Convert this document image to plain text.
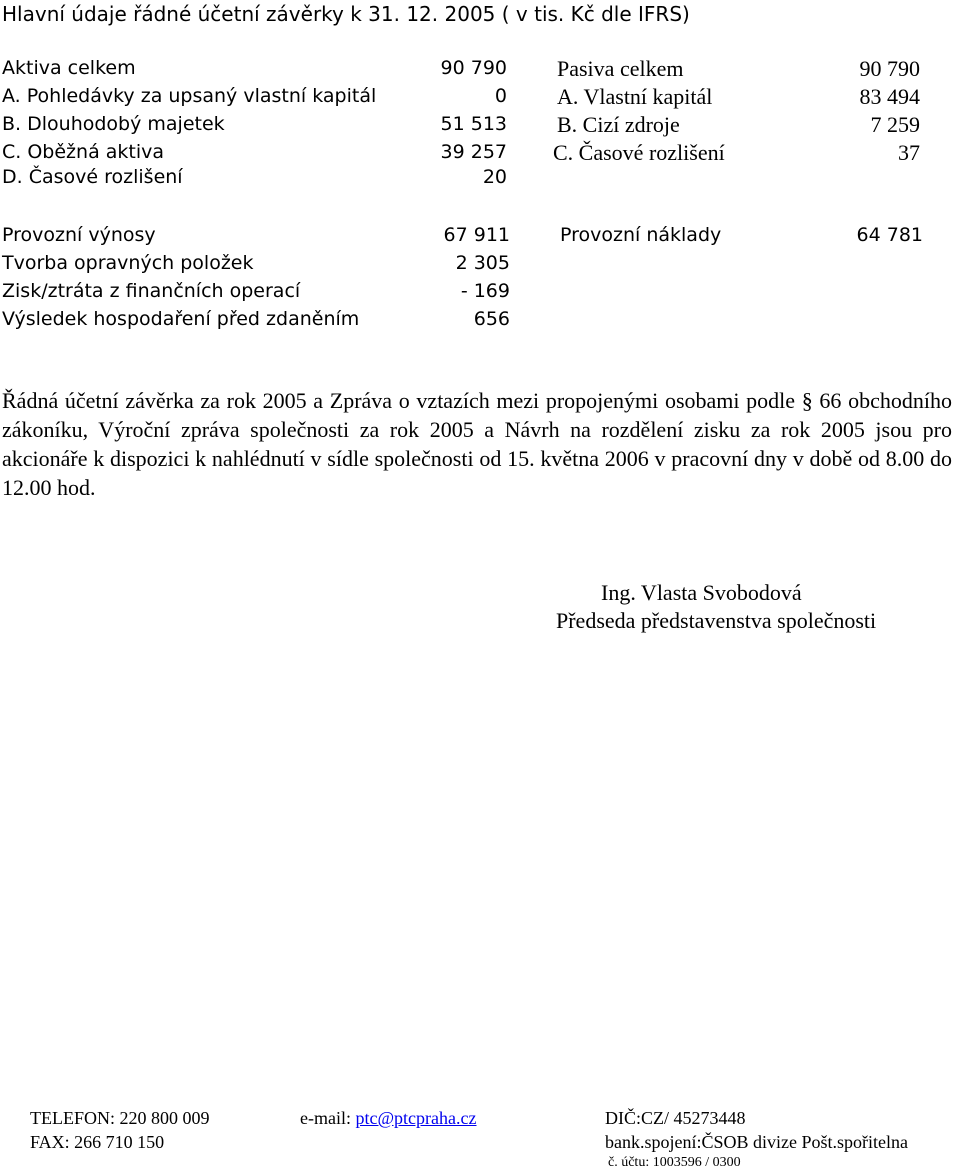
Hlavní údaje řádné účetní závěrky k 31. 12. 2005 ( v tis. Kč dle IFRS)
Aktiva celkem	90 790
A. Pohledávky za upsaný vlastní kapitál	0
B. Dlouhodobý majetek	51 513
C. Oběžná aktiva	39 257
D. Časové rozlišení	20
Pasiva celkem	90 790
A. Vlastní kapitál	83 494
B. Cizí zdroje	7 259
C. Časové rozlišení	37
Provozní výnosy	67 911
Tvorba opravných položek	2 305
Zisk/ztráta z finančních operací	- 169
Výsledek hospodaření před zdaněním	656
Provozní náklady	64 781
Řádná účetní závěrka za rok 2005 a Zpráva o vztazích mezi propojenými osobami podle § 66 obchodního zákoníku, Výroční zpráva společnosti za rok 2005 a Návrh na rozdělení zisku za rok 2005 jsou pro akcionáře k dispozici k nahlédnutí v sídle společnosti od 15. května 2006 v pracovní dny v době od 8.00 do 12.00 hod.
Ing. Vlasta Svobodová
Předseda představenstva společnosti
TELEFON: 220 800 009
FAX: 266 710 150
e-mail: ptc@ptcpraha.cz	DIČ:CZ/ 45273448
bank.spojení:ČSOB divize Pošt.spořitelna
č. účtu: 1003596 / 0300
